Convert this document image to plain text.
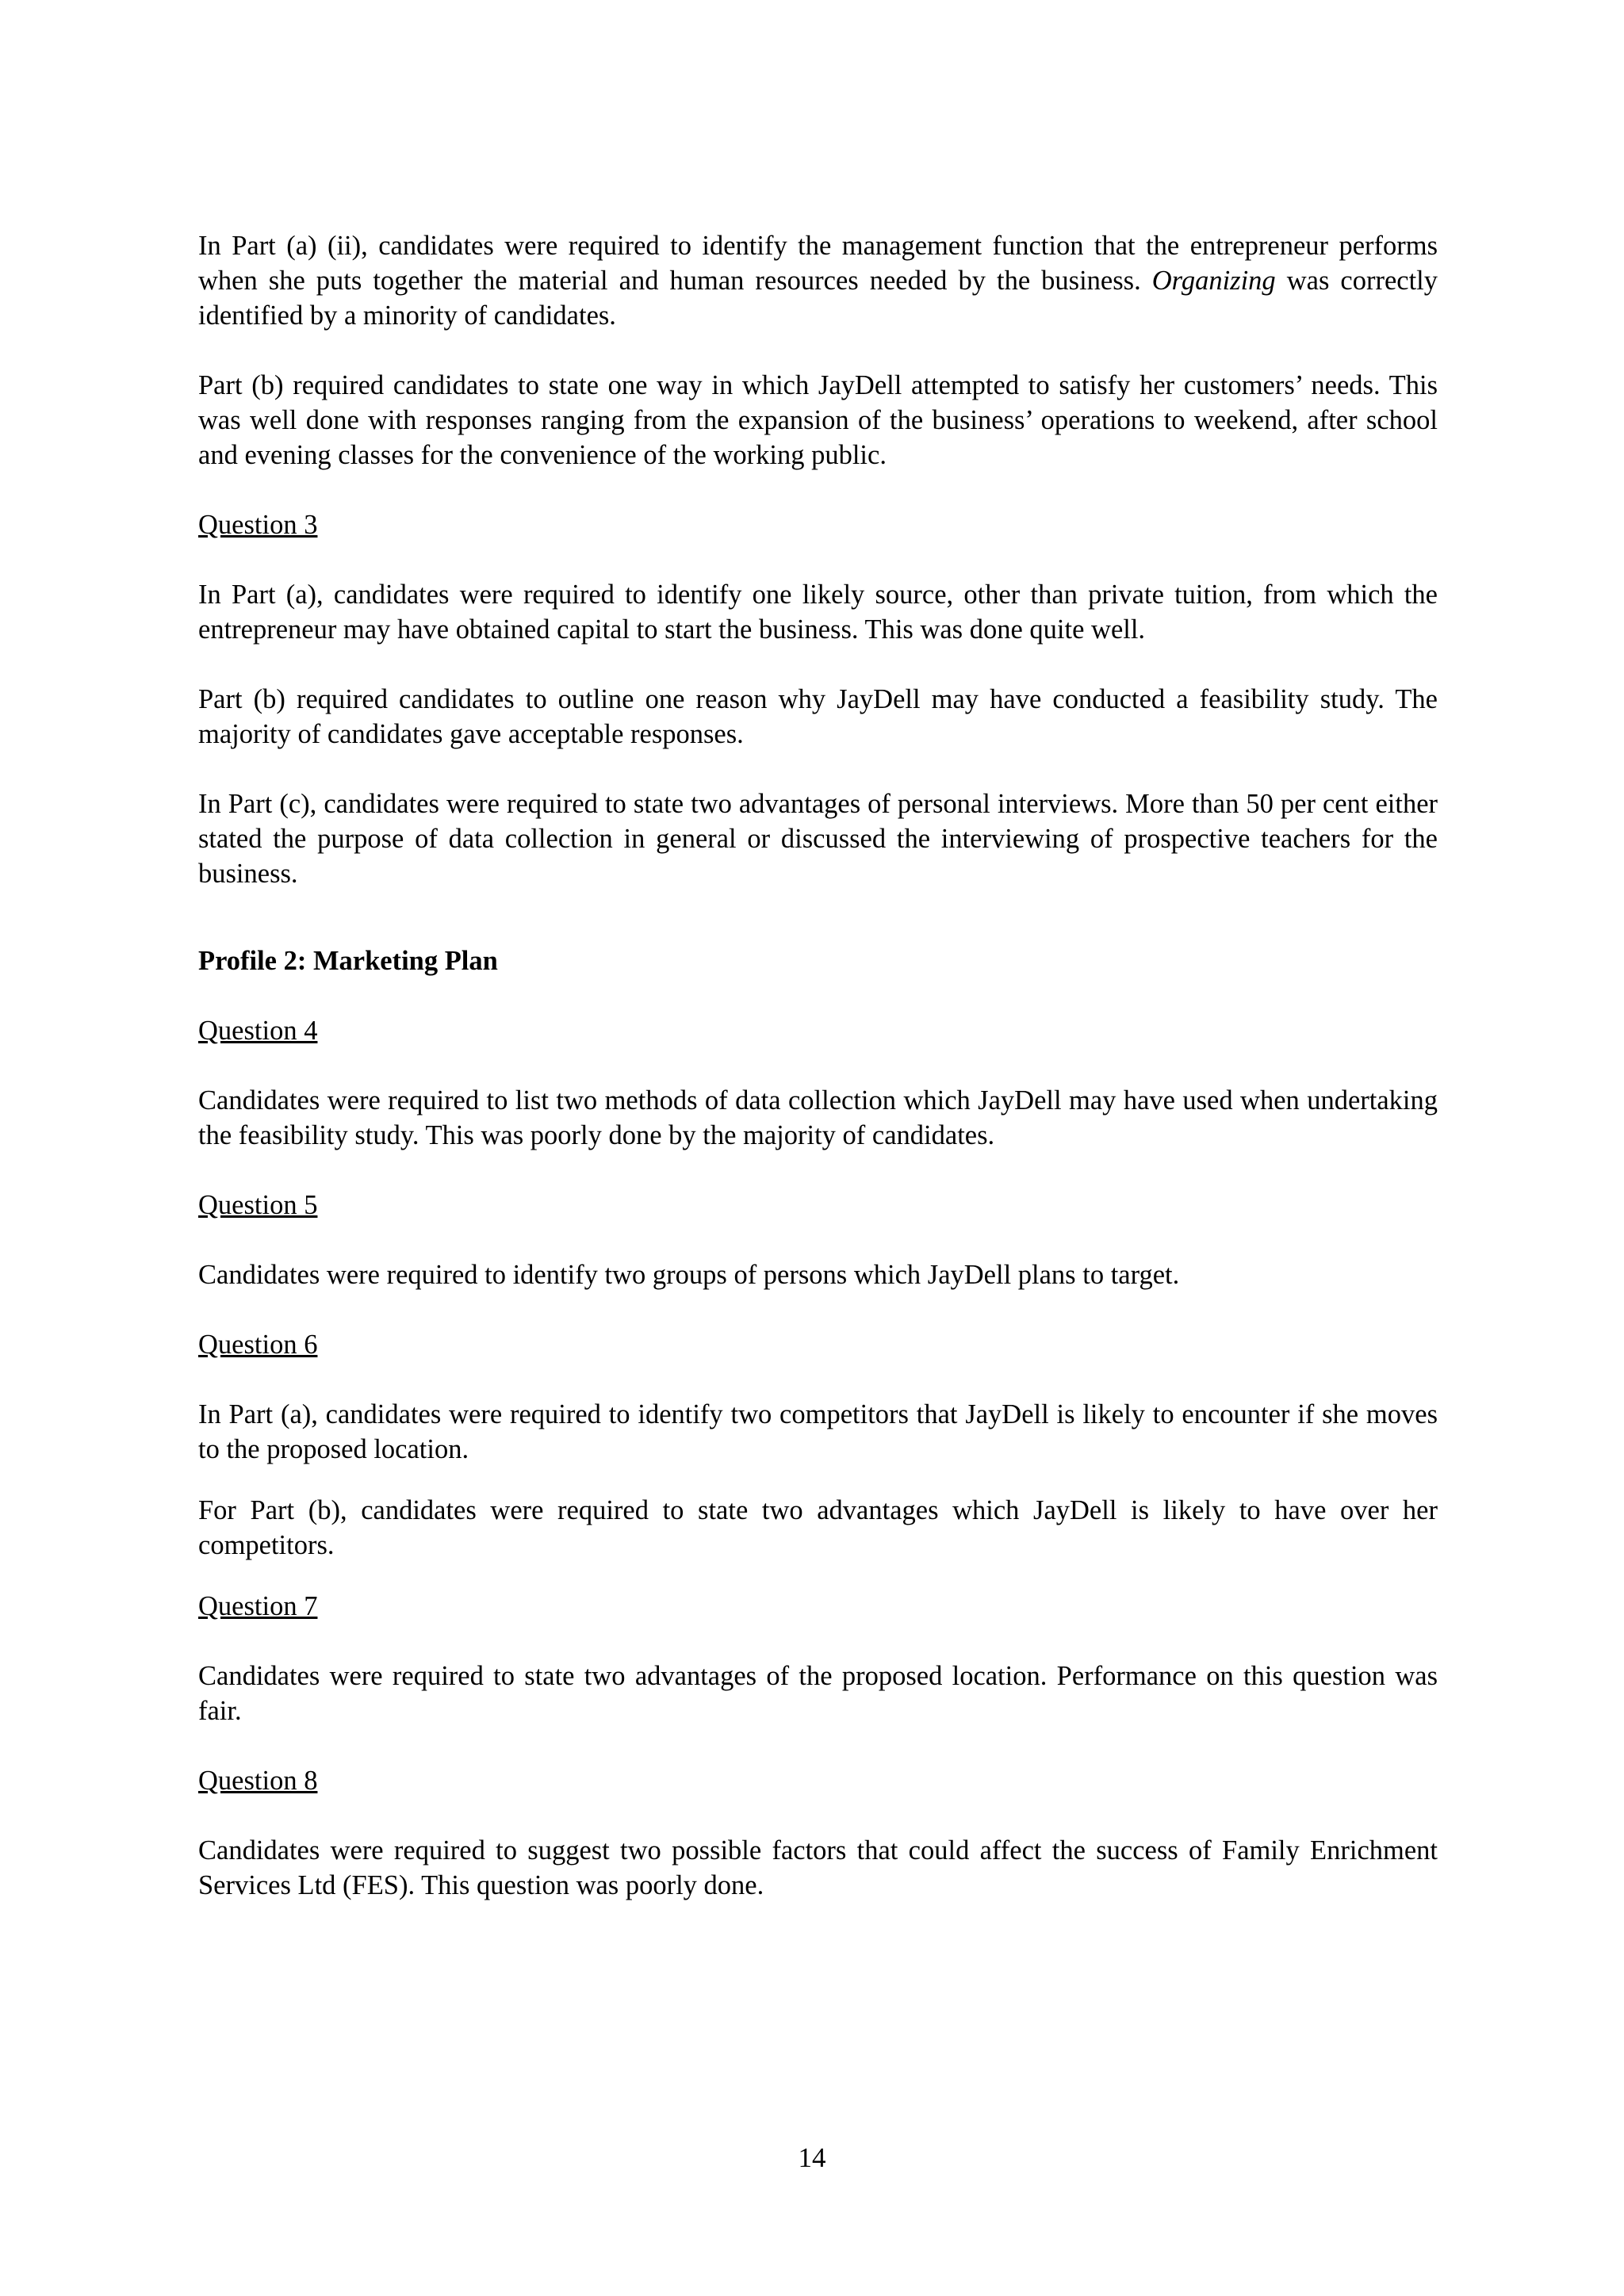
In Part (a) (ii), candidates were required to identify the management function that the entrepreneur performs when she puts together the material and human resources needed by the business. Organizing was correctly identified by a minority of candidates.

Part (b) required candidates to state one way in which JayDell attempted to satisfy her customers’ needs. This was well done with responses ranging from the expansion of the business’ operations to weekend, after school and evening classes for the convenience of the working public.

Question 3

In Part (a), candidates were required to identify one likely source, other than private tuition, from which the entrepreneur may have obtained capital to start the business. This was done quite well.

Part (b) required candidates to outline one reason why JayDell may have conducted a feasibility study. The majority of candidates gave acceptable responses.

In Part (c), candidates were required to state two advantages of personal interviews. More than 50 per cent either stated the purpose of data collection in general or discussed the interviewing of prospective teachers for the business.

Profile 2: Marketing Plan

Question 4

Candidates were required to list two methods of data collection which JayDell may have used when undertaking the feasibility study. This was poorly done by the majority of candidates.

Question 5

Candidates were required to identify two groups of persons which JayDell plans to target.

Question 6

In Part (a), candidates were required to identify two competitors that JayDell is likely to encounter if she moves to the proposed location.

For Part (b), candidates were required to state two advantages which JayDell is likely to have over her competitors.

Question 7

Candidates were required to state two advantages of the proposed location. Performance on this question was fair.

Question 8

Candidates were required to suggest two possible factors that could affect the success of Family Enrichment Services Ltd (FES). This question was poorly done.

14
